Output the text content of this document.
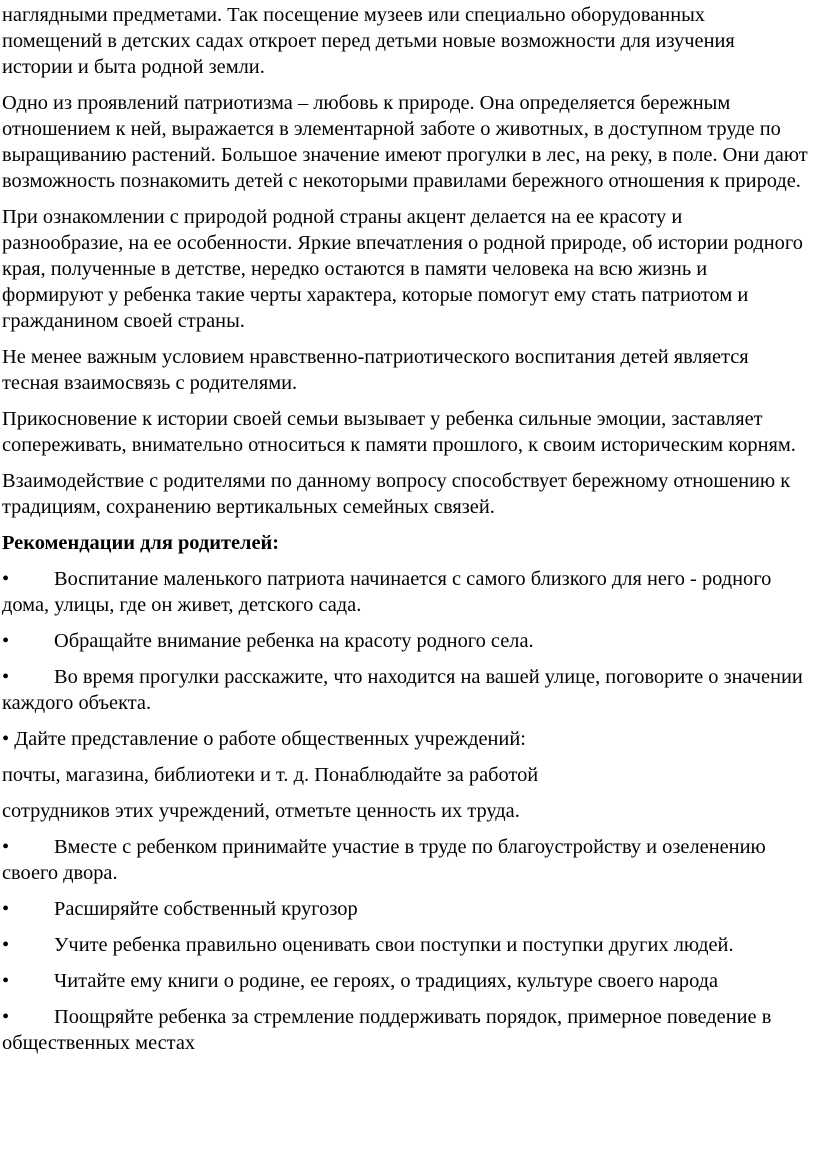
наглядными предметами. Так посещение музеев или специально оборудованных помещений в детских садах откроет перед детьми новые возможности для изучения истории и быта родной земли.

Одно из проявлений патриотизма – любовь к природе. Она определяется бережным отношением к ней, выражается в элементарной заботе о животных, в доступном труде по выращиванию растений. Большое значение имеют прогулки в лес, на реку, в поле. Они дают возможность познакомить детей с некоторыми правилами бережного отношения к природе.

При ознакомлении с природой родной страны акцент делается на ее красоту и разнообразие, на ее особенности. Яркие впечатления о родной природе, об истории родного края, полученные в детстве, нередко остаются в памяти человека на всю жизнь и формируют у ребенка такие черты характера, которые помогут ему стать патриотом и гражданином своей страны.

Не менее важным условием нравственно-патриотического воспитания детей является тесная взаимосвязь с родителями.

Прикосновение к истории своей семьи вызывает у ребенка сильные эмоции, заставляет сопереживать, внимательно относиться к памяти прошлого, к своим историческим корням.

Взаимодействие с родителями по данному вопросу способствует бережному отношению к традициям, сохранению вертикальных семейных связей.

Рекомендации для родителей:

• Воспитание маленького патриота начинается с самого близкого для него - родного дома, улицы, где он живет, детского сада.

• Обращайте внимание ребенка на красоту родного села.

• Во время прогулки расскажите, что находится на вашей улице, поговорите о значении каждого объекта.

• Дайте представление о работе общественных учреждений:

почты, магазина, библиотеки и т. д. Понаблюдайте за работой

сотрудников этих учреждений, отметьте ценность их труда.

• Вместе с ребенком принимайте участие в труде по благоустройству и озеленению своего двора.

• Расширяйте собственный кругозор

• Учите ребенка правильно оценивать свои поступки и поступки других людей.

• Читайте ему книги о родине, ее героях, о традициях, культуре своего народа

• Поощряйте ребенка за стремление поддерживать порядок, примерное поведение в общественных местах
